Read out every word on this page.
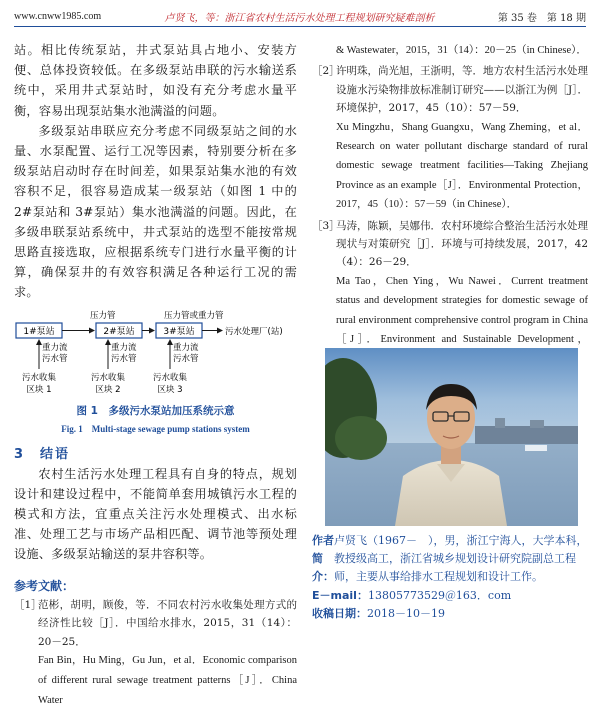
www.cnww1985.com	卢贤飞，等：浙江省农村生活污水处理工程规划研究疑难剖析	第 35 卷　第 18 期

站。相比传统泵站，井式泵站具占地小、安装方便、总体投资较低。在多级泵站串联的污水输送系统中，采用井式泵站时，如没有充分考虑水量平衡，容易出现泵站集水池满溢的问题。

多级泵站串联应充分考虑不同级泵站之间的水量、水泵配置、运行工况等因素，特别要分析在多级泵站启动时存在时间差，如果泵站集水池的有效容积不足，很容易造成某一级泵站（如图 1 中的 2#泵站和 3#泵站）集水池满溢的问题。因此，在多级串联泵站系统中，井式泵站的选型不能按常规思路直接选取，应根据系统专门进行水量平衡的计算，确保泵井的有效容积满足各种运行工况的需求。

1#泵站	2#泵站	3#泵站
压力管	压力管或重力管
污水处理厂(站)
重力流
污水管
重力流
污水管
重力流
污水管
污水收集
区块 1
污水收集
区块 2
污水收集
区块 3
图 1　多级污水泵站加压系统示意
Fig. 1　Multi-stage sewage pump stations system
3　结语

农村生活污水处理工程具有自身的特点，规划设计和建设过程中，不能简单套用城镇污水工程的模式和方法，宜重点关注污水处理模式、出水标准、处理工艺与市场产品相匹配、调节池等预处理设施、多级泵站输送的泵井容积等。

参考文献：
［1］
范彬，胡明，顾俊，等．不同农村污水收集处理方式的经济性比较［J］．中国给水排水，2015，31（14）：20－25．
Fan Bin，Hu Ming，Gu Jun，et al．Economic comparison of different rural sewage treatment patterns［J］．China Water
& Wastewater，2015，31（14）：20－25（in Chinese）．
［2］
许明珠，尚光旭，王浙明，等．地方农村生活污水处理设施水污染物排放标准制订研究——以浙江为例［J］．环境保护，2017，45（10）：57－59．
Xu Mingzhu，Shang Guangxu，Wang Zheming，et al．Research on water pollutant discharge standard of rural domestic sewage treatment facilities—Taking Zhejiang Province as an example［J］．Environmental Protection，2017，45（10）：57－59（in Chinese）．
［3］
马涛，陈颖，吴娜伟．农村环境综合整治生活污水处理现状与对策研究［J］．环境与可持续发展，2017，42（4）：26－29．
Ma Tao，Chen Ying，Wu Nawei．Current treatment status and development strategies for domestic sewage of rural environment comprehensive control program in China［J］．Environment and Sustainable Development，
作者简介：
卢贤飞（1967－　），男，浙江宁海人，大学本科，教授级高工，浙江省城乡规划设计研究院副总工程师，主要从事给排水工程规划和设计工作。
E－mail：13805773529＠163．com
收稿日期：2018－10－19
